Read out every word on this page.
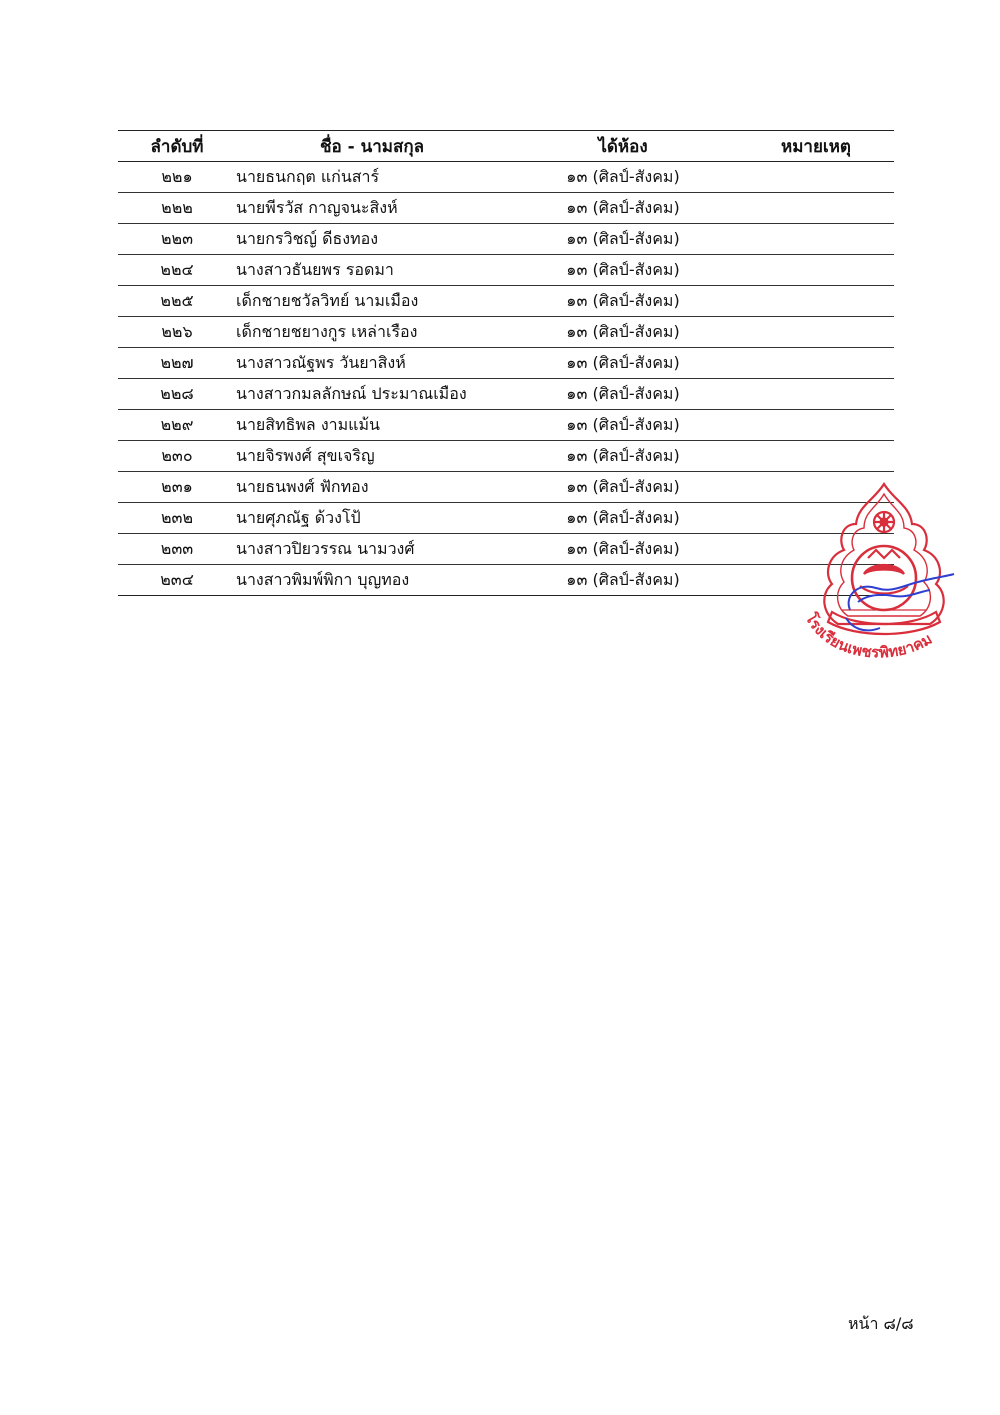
ลำดับที่	ชื่อ - นามสกุล	ได้ห้อง	หมายเหตุ
๒๒๑	นายธนกฤต แก่นสาร์	๑๓ (ศิลป์-สังคม)	
๒๒๒	นายพีรวัส กาญจนะสิงห์	๑๓ (ศิลป์-สังคม)	
๒๒๓	นายกรวิชญ์ ดีธงทอง	๑๓ (ศิลป์-สังคม)	
๒๒๔	นางสาวธันยพร รอดมา	๑๓ (ศิลป์-สังคม)	
๒๒๕	เด็กชายชวัลวิทย์ นามเมือง	๑๓ (ศิลป์-สังคม)	
๒๒๖	เด็กชายชยางกูร เหล่าเรือง	๑๓ (ศิลป์-สังคม)	
๒๒๗	นางสาวณัฐพร วันยาสิงห์	๑๓ (ศิลป์-สังคม)	
๒๒๘	นางสาวกมลลักษณ์ ประมาณเมือง	๑๓ (ศิลป์-สังคม)	
๒๒๙	นายสิทธิพล งามแม้น	๑๓ (ศิลป์-สังคม)	
๒๓๐	นายจิรพงศ์ สุขเจริญ	๑๓ (ศิลป์-สังคม)	
๒๓๑	นายธนพงศ์ ฟักทอง	๑๓ (ศิลป์-สังคม)	
๒๓๒	นายศุภณัฐ ด้วงโป้	๑๓ (ศิลป์-สังคม)	
๒๓๓	นางสาวปิยวรรณ นามวงศ์	๑๓ (ศิลป์-สังคม)	
๒๓๔	นางสาวพิมพ์พิกา บุญทอง	๑๓ (ศิลป์-สังคม)	
โรงเรียนเพชรพิทยาคม
หน้า ๘/๘
